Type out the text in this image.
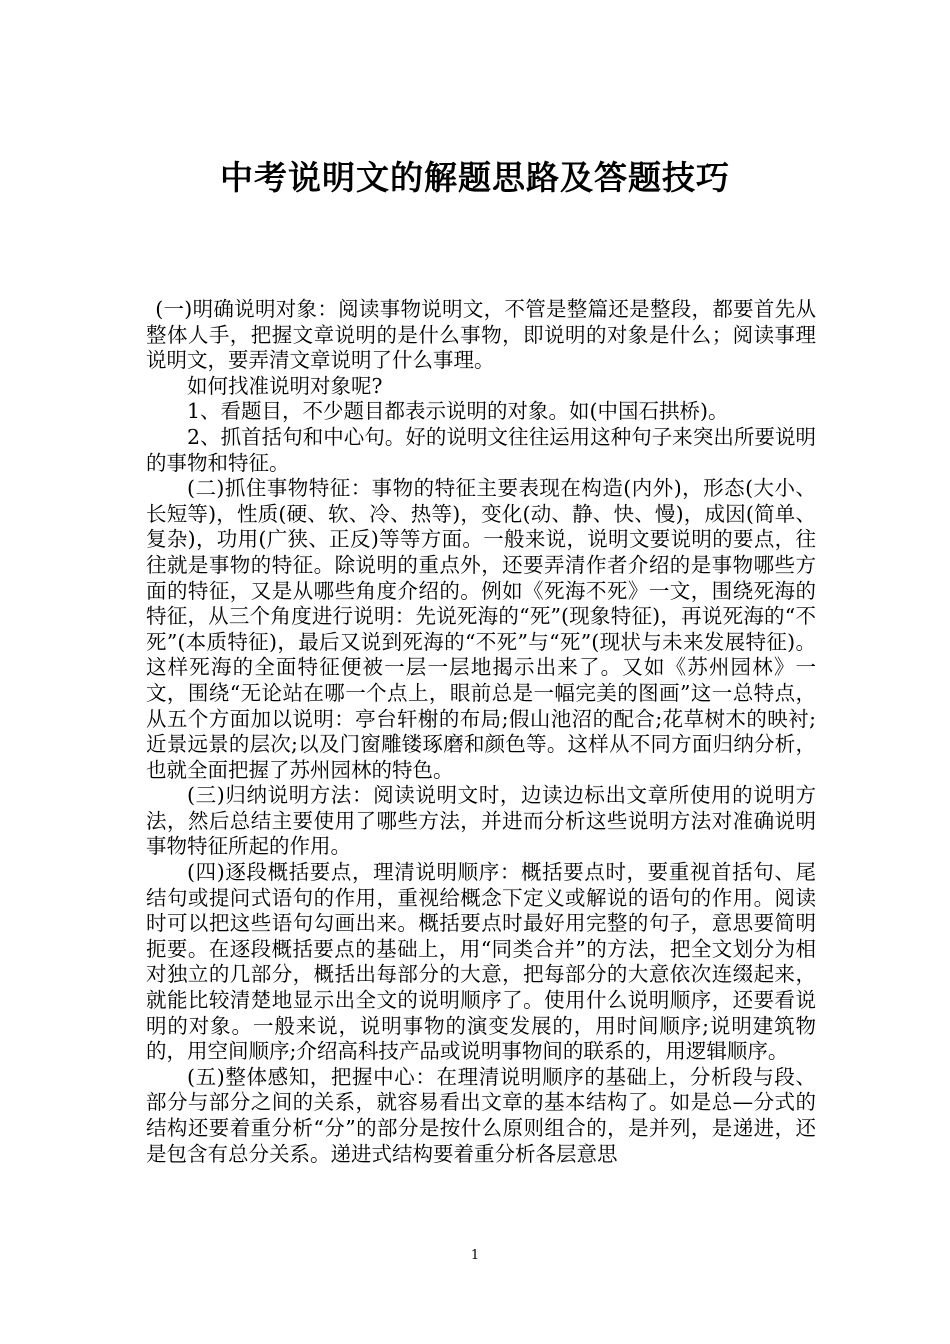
中考说明文的解题思路及答题技巧

(一)明确说明对象：阅读事物说明文，不管是整篇还是整段，都要首先从整体人手，把握文章说明的是什么事物，即说明的对象是什么；阅读事理说明文，要弄清文章说明了什么事理。

如何找准说明对象呢?

1、看题目，不少题目都表示说明的对象。如(中国石拱桥)。

2、抓首括句和中心句。好的说明文往往运用这种句子来突出所要说明的事物和特征。

(二)抓住事物特征：事物的特征主要表现在构造(内外)，形态(大小、长短等)，性质(硬、软、冷、热等)，变化(动、静、快、慢)，成因(简单、复杂)，功用(广狭、正反)等等方面。一般来说，说明文要说明的要点，往往就是事物的特征。除说明的重点外，还要弄清作者介绍的是事物哪些方面的特征，又是从哪些角度介绍的。例如《死海不死》一文，围绕死海的特征，从三个角度进行说明：先说死海的“死”(现象特征)，再说死海的“不死”(本质特征)，最后又说到死海的“不死”与“死”(现状与未来发展特征)。这样死海的全面特征便被一层一层地揭示出来了。又如《苏州园林》一文，围绕“无论站在哪一个点上，眼前总是一幅完美的图画”这一总特点，从五个方面加以说明：亭台轩榭的布局;假山池沼的配合;花草树木的映衬;近景远景的层次;以及门窗雕镂琢磨和颜色等。这样从不同方面归纳分析，也就全面把握了苏州园林的特色。

(三)归纳说明方法：阅读说明文时，边读边标出文章所使用的说明方法，然后总结主要使用了哪些方法，并进而分析这些说明方法对准确说明事物特征所起的作用。

(四)逐段概括要点，理清说明顺序：概括要点时，要重视首括句、尾结句或提问式语句的作用，重视给概念下定义或解说的语句的作用。阅读时可以把这些语句勾画出来。概括要点时最好用完整的句子，意思要简明扼要。在逐段概括要点的基础上，用“同类合并”的方法，把全文划分为相对独立的几部分，概括出每部分的大意，把每部分的大意依次连缀起来，就能比较清楚地显示出全文的说明顺序了。使用什么说明顺序，还要看说明的对象。一般来说，说明事物的演变发展的，用时间顺序;说明建筑物的，用空间顺序;介绍高科技产品或说明事物间的联系的，用逻辑顺序。

(五)整体感知，把握中心：在理清说明顺序的基础上，分析段与段、部分与部分之间的关系，就容易看出文章的基本结构了。如是总—分式的结构还要着重分析“分”的部分是按什么原则组合的，是并列，是递进，还是包含有总分关系。递进式结构要着重分析各层意思

1
